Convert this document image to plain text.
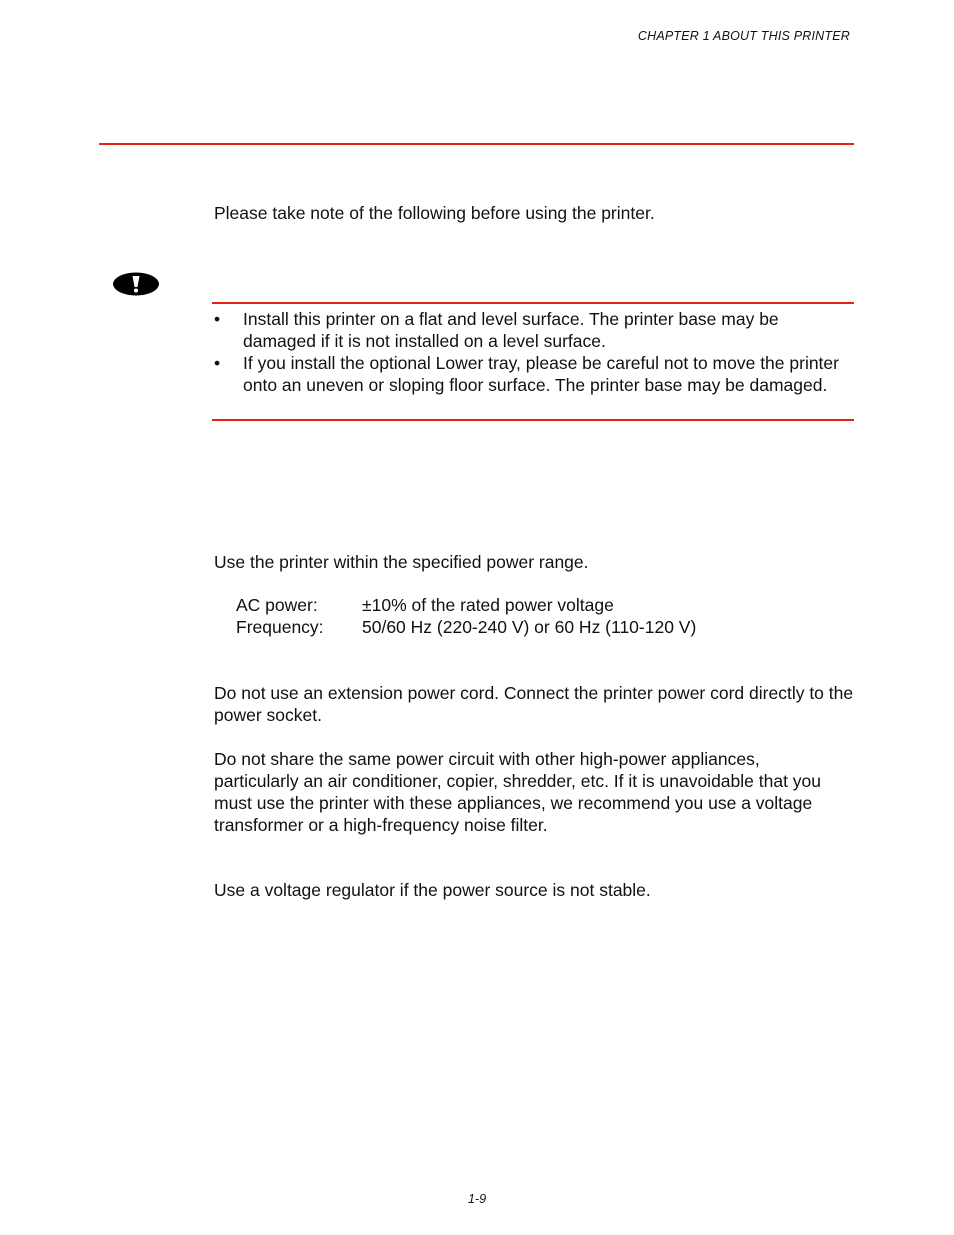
CHAPTER 1 ABOUT THIS PRINTER
Please take note of the following before using the printer.
• Install this printer on a flat and level surface. The printer base may be damaged if it is not installed on a level surface.
• If you install the optional Lower tray, please be careful not to move the printer onto an uneven or sloping floor surface. The printer base may be damaged.
Use the printer within the specified power range.
AC power:	±10% of the rated power voltage
Frequency: 50/60 Hz (220-240 V) or 60 Hz (110-120 V)
Do not use an extension power cord. Connect the printer power cord directly to the power socket.
Do not share the same power circuit with other high-power appliances, particularly an air conditioner, copier, shredder, etc. If it is unavoidable that you must use the printer with these appliances, we recommend you use a voltage transformer or a high-frequency noise filter.
Use a voltage regulator if the power source is not stable.
1-9
